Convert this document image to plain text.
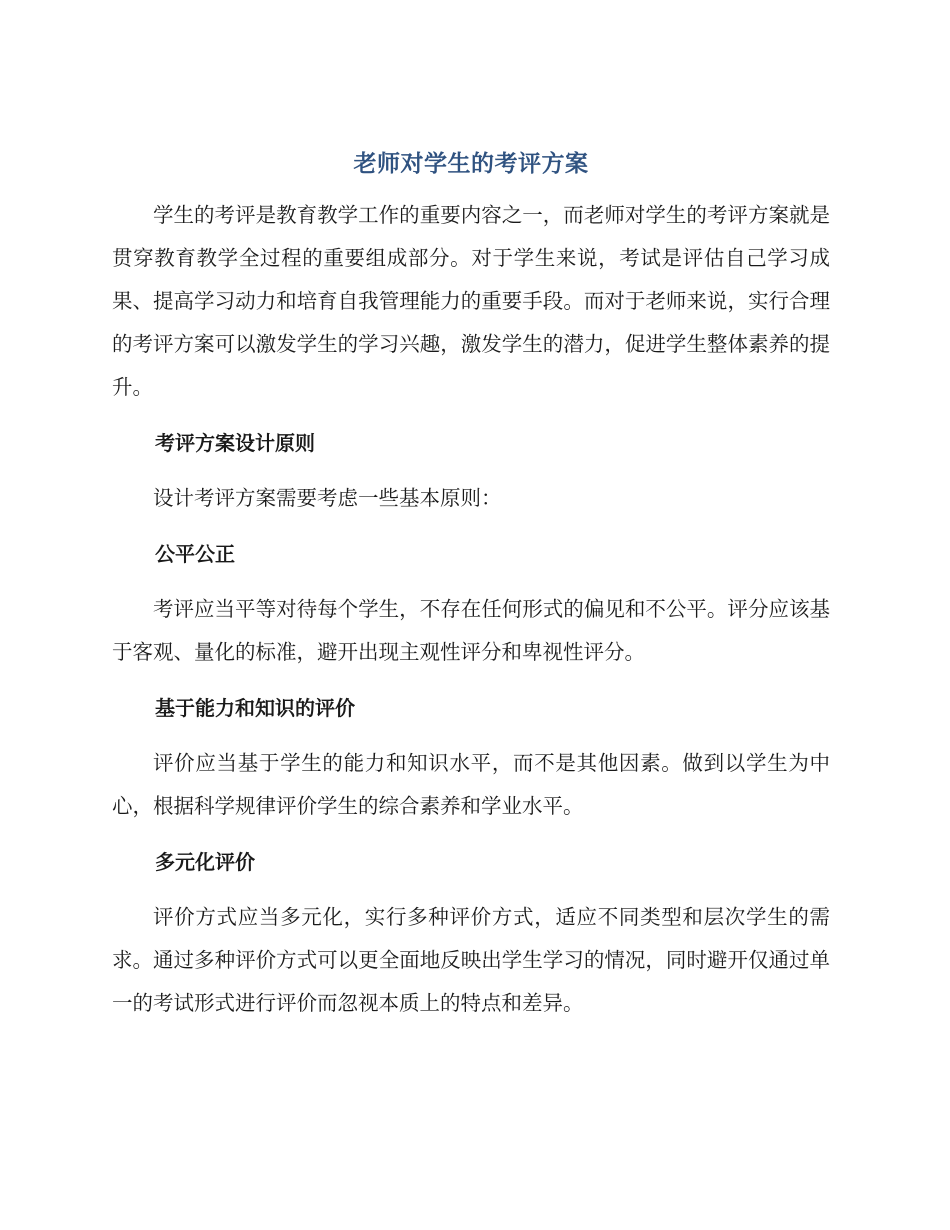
老师对学生的考评方案

学生的考评是教育教学工作的重要内容之一，而老师对学生的考评方案就是贯穿教育教学全过程的重要组成部分。对于学生来说，考试是评估自己学习成果、提高学习动力和培育自我管理能力的重要手段。而对于老师来说，实行合理的考评方案可以激发学生的学习兴趣，激发学生的潜力，促进学生整体素养的提升。

考评方案设计原则

设计考评方案需要考虑一些基本原则：

公平公正

考评应当平等对待每个学生，不存在任何形式的偏见和不公平。评分应该基于客观、量化的标准，避开出现主观性评分和卑视性评分。

基于能力和知识的评价

评价应当基于学生的能力和知识水平，而不是其他因素。做到以学生为中心，根据科学规律评价学生的综合素养和学业水平。

多元化评价

评价方式应当多元化，实行多种评价方式，适应不同类型和层次学生的需求。通过多种评价方式可以更全面地反映出学生学习的情况，同时避开仅通过单一的考试形式进行评价而忽视本质上的特点和差异。
